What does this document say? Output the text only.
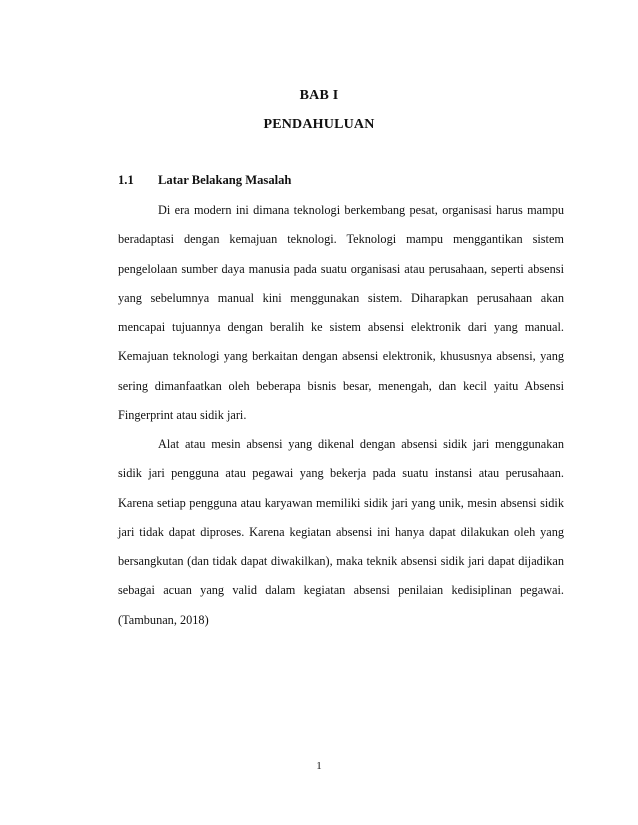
BAB I
PENDAHULUAN
1.1 Latar Belakang Masalah

Di era modern ini dimana teknologi berkembang pesat, organisasi harus mampu beradaptasi dengan kemajuan teknologi. Teknologi mampu menggantikan sistem pengelolaan sumber daya manusia pada suatu organisasi atau perusahaan, seperti absensi yang sebelumnya manual kini menggunakan sistem. Diharapkan perusahaan akan mencapai tujuannya dengan beralih ke sistem absensi elektronik dari yang manual. Kemajuan teknologi yang berkaitan dengan absensi elektronik, khususnya absensi, yang sering dimanfaatkan oleh beberapa bisnis besar, menengah, dan kecil yaitu Absensi Fingerprint atau sidik jari.

Alat atau mesin absensi yang dikenal dengan absensi sidik jari menggunakan sidik jari pengguna atau pegawai yang bekerja pada suatu instansi atau perusahaan. Karena setiap pengguna atau karyawan memiliki sidik jari yang unik, mesin absensi sidik jari tidak dapat diproses. Karena kegiatan absensi ini hanya dapat dilakukan oleh yang bersangkutan (dan tidak dapat diwakilkan), maka teknik absensi sidik jari dapat dijadikan sebagai acuan yang valid dalam kegiatan absensi penilaian kedisiplinan pegawai. (Tambunan, 2018)

1
